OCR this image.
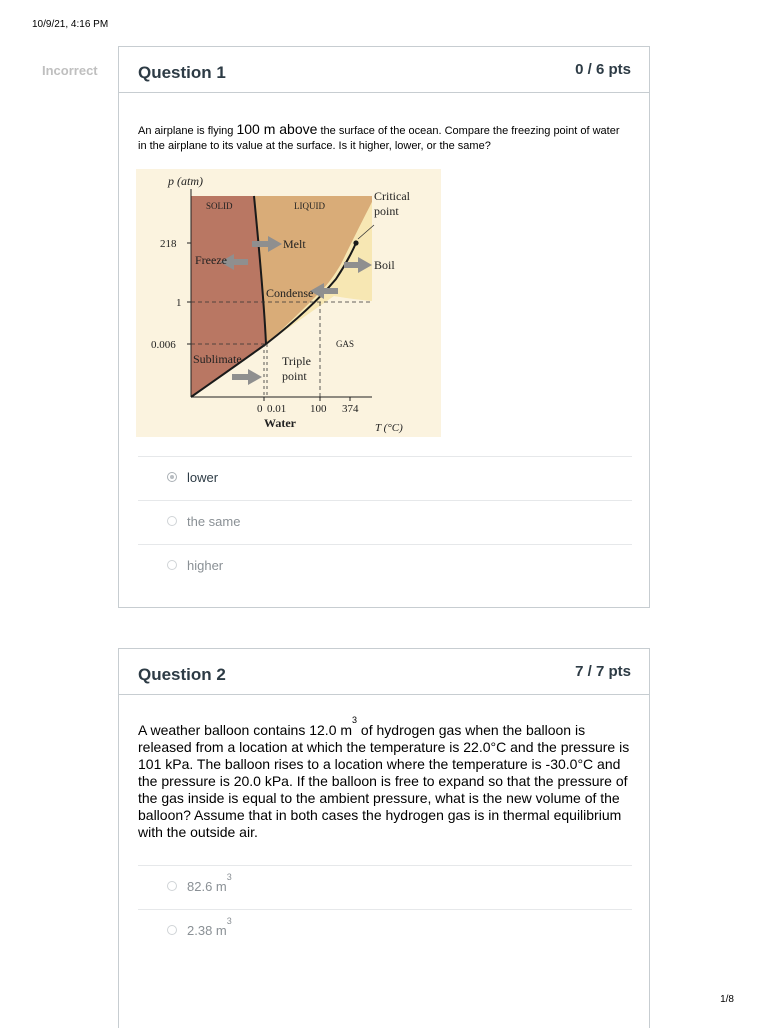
10/9/21, 4:16 PM
1/8
Incorrect Question 1	0 / 6 pts
An airplane is flying 100 m above the surface of the ocean. Compare the freezing point of water in the airplane to its value at the surface. Is it higher, lower, or the same?
p (atm)
T (°C)
SOLID	LIQUID
GAS
Critical
point
Melt
Freeze	Boil
Condense
Sublimate	Triple
point
218
1
0.006
0 0.01 100 374
Water
lower
the same
higher
Question 2	7 / 7 pts
A weather balloon contains 12.0 $m^3$ of hydrogen gas when the balloon is released from a location at which the temperature is 22.0°C and the pressure is 101 kPa. The balloon rises to a location where the temperature is -30.0°C and the pressure is 20.0 kPa. If the balloon is free to expand so that the pressure of the gas inside is equal to the ambient pressure, what is the new volume of the balloon? Assume that in both cases the hydrogen gas is in thermal equilibrium with the outside air.
82.6 $m^3$
2.38 $m^3$
